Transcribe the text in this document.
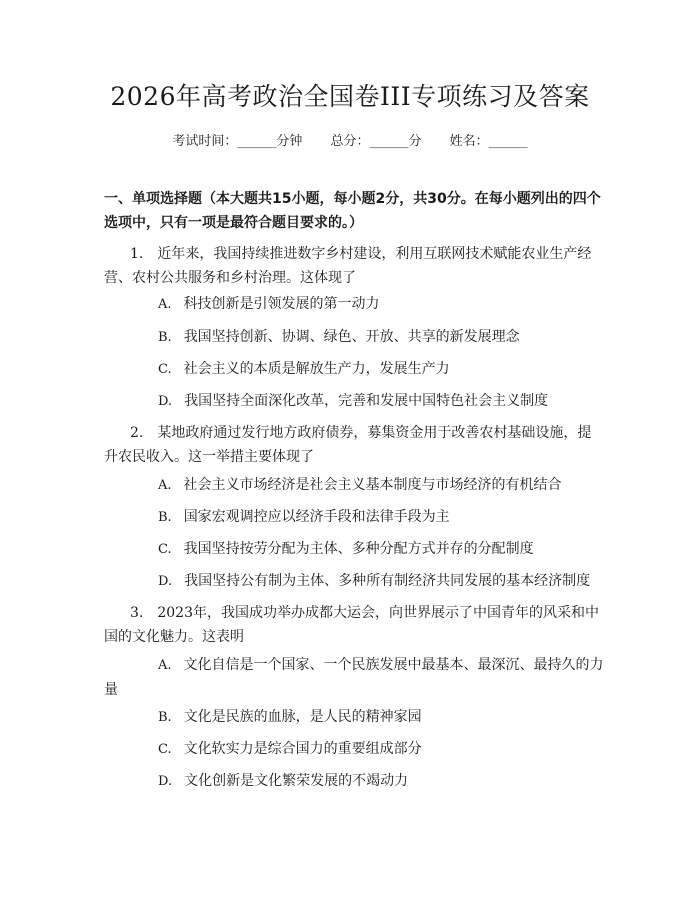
2026年高考政治全国卷III专项练习及答案
考试时间：______分钟 总分：______分 姓名：______
一、单项选择题（本大题共15小题，每小题2分，共30分。在每小题列出的四个选项中，只有一项是最符合题目要求的。）
1. 近年来，我国持续推进数字乡村建设，利用互联网技术赋能农业生产经营、农村公共服务和乡村治理。这体现了
A. 科技创新是引领发展的第一动力
B. 我国坚持创新、协调、绿色、开放、共享的新发展理念
C. 社会主义的本质是解放生产力，发展生产力
D. 我国坚持全面深化改革，完善和发展中国特色社会主义制度
2. 某地政府通过发行地方政府债券，募集资金用于改善农村基础设施，提升农民收入。这一举措主要体现了
A. 社会主义市场经济是社会主义基本制度与市场经济的有机结合
B. 国家宏观调控应以经济手段和法律手段为主
C. 我国坚持按劳分配为主体、多种分配方式并存的分配制度
D. 我国坚持公有制为主体、多种所有制经济共同发展的基本经济制度
3. 2023年，我国成功举办成都大运会，向世界展示了中国青年的风采和中国的文化魅力。这表明
A. 文化自信是一个国家、一个民族发展中最基本、最深沉、最持久的力量
B. 文化是民族的血脉，是人民的精神家园
C. 文化软实力是综合国力的重要组成部分
D. 文化创新是文化繁荣发展的不竭动力
